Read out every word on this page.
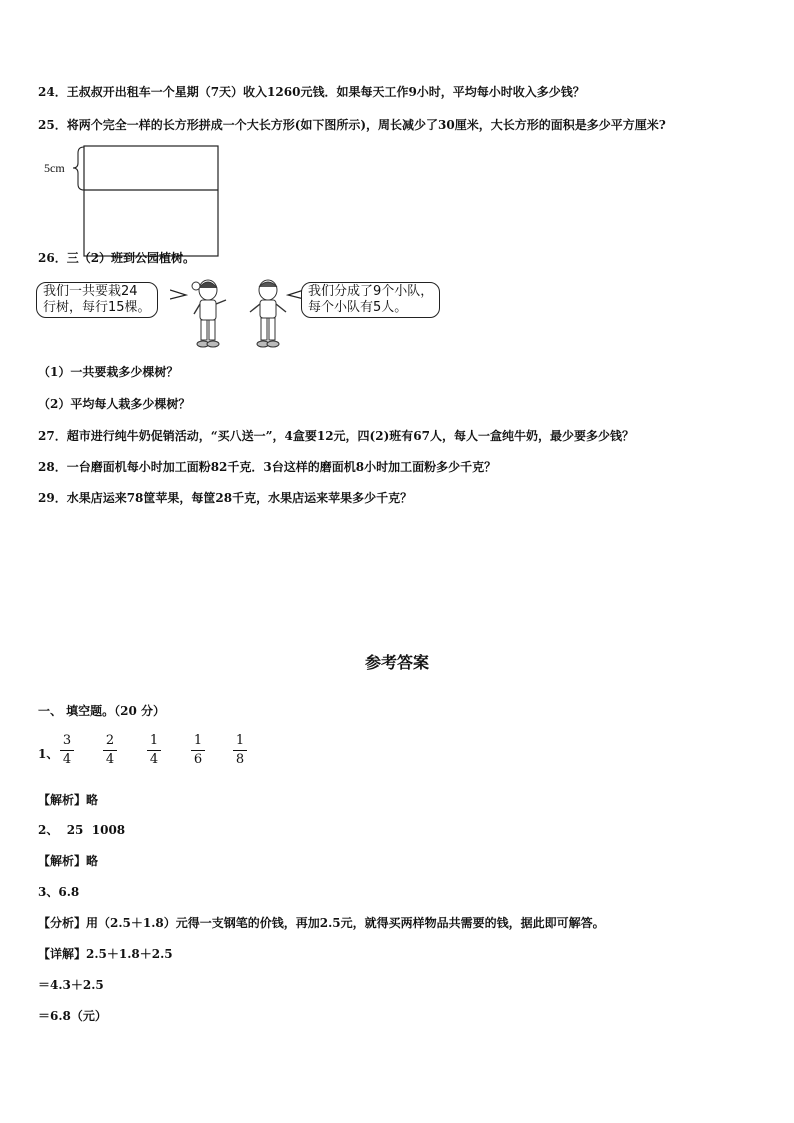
24．王叔叔开出租车一个星期（7天）收入1260元钱．如果每天工作9小时，平均每小时收入多少钱？
25．将两个完全一样的长方形拼成一个大长方形(如下图所示)，周长减少了30厘米，大长方形的面积是多少平方厘米?
5cm
26．三（2）班到公园植树。
我们一共要栽24
行树，每行15棵。
我们分成了9个小队，
每个小队有5人。
（1）一共要栽多少棵树？
（2）平均每人栽多少棵树？
27．超市进行纯牛奶促销活动，“买八送一”，4盒要12元，四(2)班有67人，每人一盒纯牛奶，最少要多少钱？
28．一台磨面机每小时加工面粉82千克．3台这样的磨面机8小时加工面粉多少千克？
29．水果店运来78筐苹果，每筐28千克，水果店运来苹果多少千克？
参考答案
一、 填空题。（20 分）
1、
3
4
2
4
1
4
1
6
1
8
【解析】略
2、  25  1008
【解析】略
3、6.8
【分析】用（2.5＋1.8）元得一支钢笔的价钱，再加2.5元，就得买两样物品共需要的钱，据此即可解答。
【详解】2.5＋1.8＋2.5
＝4.3＋2.5
＝6.8（元）
